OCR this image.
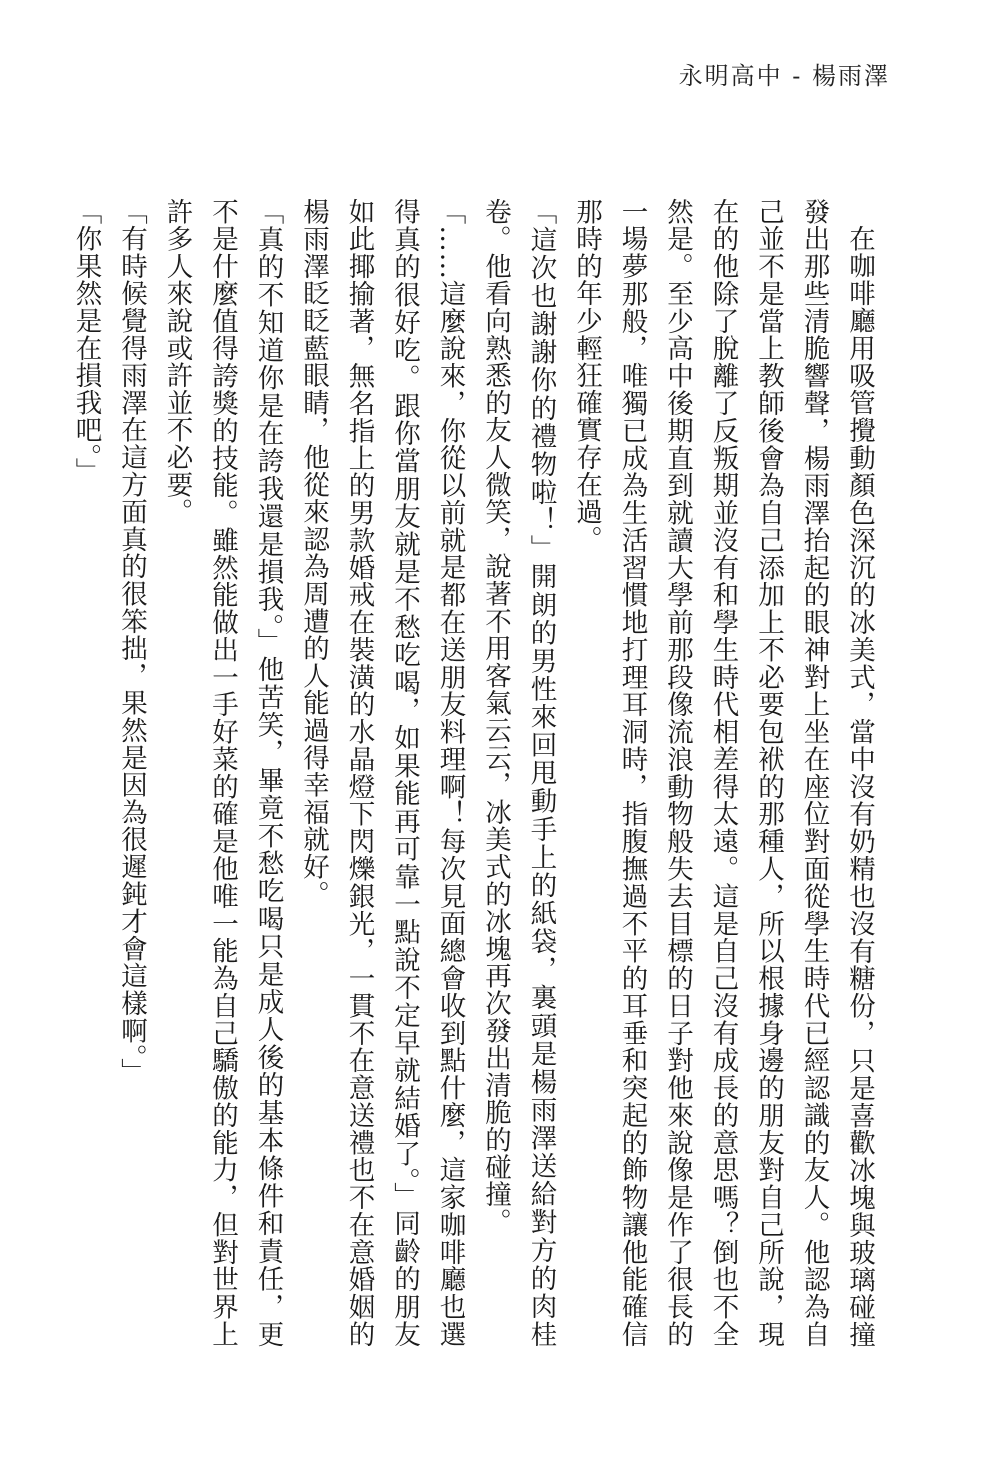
永明高中 - 楊雨澤

在咖啡廳用吸管攪動顏色深沉的冰美式，當中沒有奶精也沒有糖份，只是喜歡冰塊與玻璃碰撞發出那些清脆響聲，楊雨澤抬起的眼神對上坐在座位對面從學生時代已經認識的友人。他認為自己並不是當上教師後會為自己添加上不必要包袱的那種人，所以根據身邊的朋友對自己所說，現在的他除了脫離了反叛期並沒有和學生時代相差得太遠。這是自己沒有成長的意思嗎？倒也不全然是。至少高中後期直到就讀大學前那段像流浪動物般失去目標的日子對他來說像是作了很長的一場夢那般，唯獨已成為生活習慣地打理耳洞時，指腹撫過不平的耳垂和突起的飾物讓他能確信那時的年少輕狂確實存在過。

「這次也謝謝你的禮物啦！」開朗的男性來回甩動手上的紙袋，裏頭是楊雨澤送給對方的肉桂卷。他看向熟悉的友人微笑，說著不用客氣云云，冰美式的冰塊再次發出清脆的碰撞。

「……這麼說來，你從以前就是都在送朋友料理啊！每次見面總會收到點什麼，這家咖啡廳也選得真的很好吃。跟你當朋友就是不愁吃喝，如果能再可靠一點說不定早就結婚了。」同齡的朋友如此揶揄著，無名指上的男款婚戒在裝潢的水晶燈下閃爍銀光，一貫不在意送禮也不在意婚姻的楊雨澤眨眨藍眼睛，他從來認為周遭的人能過得幸福就好。

「真的不知道你是在誇我還是損我。」他苦笑，畢竟不愁吃喝只是成人後的基本條件和責任，更不是什麼值得誇獎的技能。雖然能做出一手好菜的確是他唯一能為自己驕傲的能力，但對世界上許多人來說或許並不必要。

「有時候覺得雨澤在這方面真的很笨拙，果然是因為很遲鈍才會這樣啊。」

「你果然是在損我吧。」
